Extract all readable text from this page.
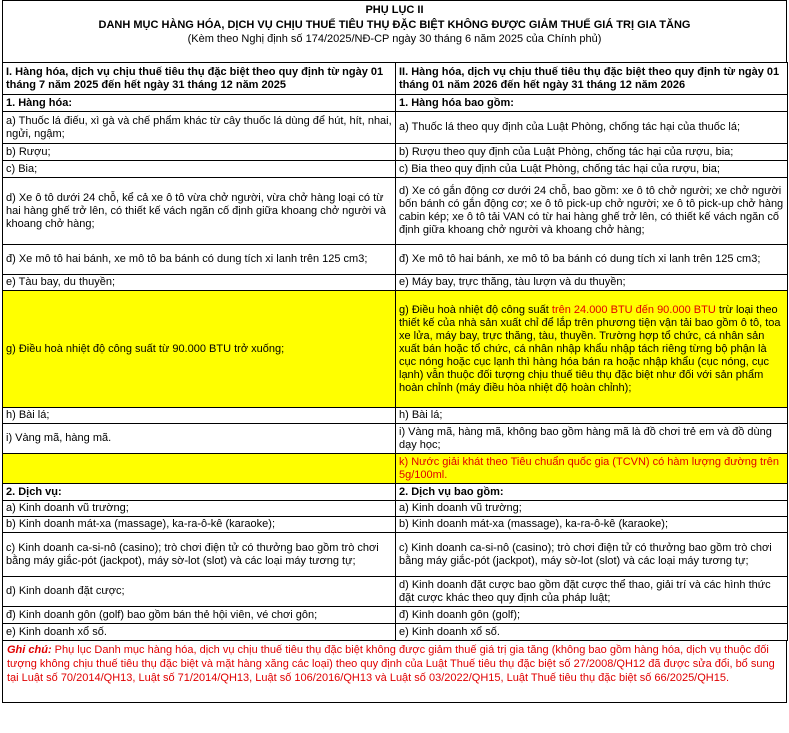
PHỤ LỤC II
DANH MỤC HÀNG HÓA, DỊCH VỤ CHỊU THUẾ TIÊU THỤ ĐẶC BIỆT KHÔNG ĐƯỢC GIẢM THUẾ GIÁ TRỊ GIA TĂNG
(Kèm theo Nghị định số 174/2025/NĐ-CP ngày 30 tháng 6 năm 2025 của Chính phủ)
I. Hàng hóa, dịch vụ chịu thuế tiêu thụ đặc biệt theo quy định từ ngày 01 tháng 7 năm 2025 đến hết ngày 31 tháng 12 năm 2025	II. Hàng hóa, dịch vụ chịu thuế tiêu thụ đặc biệt theo quy định từ ngày 01 tháng 01 năm 2026 đến hết ngày 31 tháng 12 năm 2026
1. Hàng hóa:	1. Hàng hóa bao gồm:
a) Thuốc lá điếu, xì gà và chế phẩm khác từ cây thuốc lá dùng để hút, hít, nhai, ngửi, ngậm;	a) Thuốc lá theo quy định của Luật Phòng, chống tác hại của thuốc lá;
b) Rượu;	b) Rượu theo quy định của Luật Phòng, chống tác hại của rượu, bia;
c) Bia;	c) Bia theo quy định của Luật Phòng, chống tác hại của rượu, bia;
d) Xe ô tô dưới 24 chỗ, kể cả xe ô tô vừa chở người, vừa chở hàng loại có từ hai hàng ghế trở lên, có thiết kế vách ngăn cố định giữa khoang chở người và khoang chở hàng;	d) Xe có gắn động cơ dưới 24 chỗ, bao gồm: xe ô tô chở người; xe chở người bốn bánh có gắn động cơ; xe ô tô pick-up chở người; xe ô tô pick-up chở hàng cabin kép; xe ô tô tải VAN có từ hai hàng ghế trở lên, có thiết kế vách ngăn cố định giữa khoang chở người và khoang chở hàng;
đ) Xe mô tô hai bánh, xe mô tô ba bánh có dung tích xi lanh trên 125 cm3;	đ) Xe mô tô hai bánh, xe mô tô ba bánh có dung tích xi lanh trên 125 cm3;
e) Tàu bay, du thuyền;	e) Máy bay, trực thăng, tàu lượn và du thuyền;
g) Điều hoà nhiệt độ công suất từ 90.000 BTU trở xuống;	g) Điều hoà nhiệt độ công suất trên 24.000 BTU đến 90.000 BTU trừ loại theo thiết kế của nhà sản xuất chỉ để lắp trên phương tiện vận tải bao gồm ô tô, toa xe lửa, máy bay, trực thăng, tàu, thuyền. Trường hợp tổ chức, cá nhân sản xuất bán hoặc tổ chức, cá nhân nhập khẩu nhập tách riêng từng bộ phận là cục nóng hoặc cục lạnh thì hàng hóa bán ra hoặc nhập khẩu (cục nóng, cục lạnh) vẫn thuộc đối tượng chịu thuế tiêu thụ đặc biệt như đối với sản phẩm hoàn chỉnh (máy điều hòa nhiệt độ hoàn chỉnh);
h) Bài lá;	h) Bài lá;
i) Vàng mã, hàng mã.	i) Vàng mã, hàng mã, không bao gồm hàng mã là đồ chơi trẻ em và đồ dùng dạy học;
	k) Nước giải khát theo Tiêu chuẩn quốc gia (TCVN) có hàm lượng đường trên 5g/100ml.
2. Dịch vụ:	2. Dịch vụ bao gồm:
a) Kinh doanh vũ trường;	a) Kinh doanh vũ trường;
b) Kinh doanh mát-xa (massage), ka-ra-ô-kê (karaoke);	b) Kinh doanh mát-xa (massage), ka-ra-ô-kê (karaoke);
c) Kinh doanh ca-si-nô (casino); trò chơi điện tử có thưởng bao gồm trò chơi bằng máy giắc-pót (jackpot), máy sờ-lot (slot) và các loại máy tương tự;	c) Kinh doanh ca-si-nô (casino); trò chơi điện tử có thưởng bao gồm trò chơi bằng máy giắc-pót (jackpot), máy sờ-lot (slot) và các loại máy tương tự;
d) Kinh doanh đặt cược;	d) Kinh doanh đặt cược bao gồm đặt cược thể thao, giải trí và các hình thức đặt cược khác theo quy định của pháp luật;
đ) Kinh doanh gôn (golf) bao gồm bán thẻ hội viên, vé chơi gôn;	đ) Kinh doanh gôn (golf);
e) Kinh doanh xổ số.	e) Kinh doanh xổ số.
Ghi chú: Phụ lục Danh mục hàng hóa, dịch vụ chịu thuế tiêu thụ đặc biệt không được giảm thuế giá trị gia tăng (không bao gồm hàng hóa, dịch vụ thuộc đối tượng không chịu thuế tiêu thụ đặc biệt và mặt hàng xăng các loại) theo quy định của Luật Thuế tiêu thụ đặc biệt số 27/2008/QH12 đã được sửa đổi, bổ sung tại Luật số 70/2014/QH13, Luật số 71/2014/QH13, Luật số 106/2016/QH13 và Luật số 03/2022/QH15, Luật Thuế tiêu thụ đặc biệt số 66/2025/QH15.
